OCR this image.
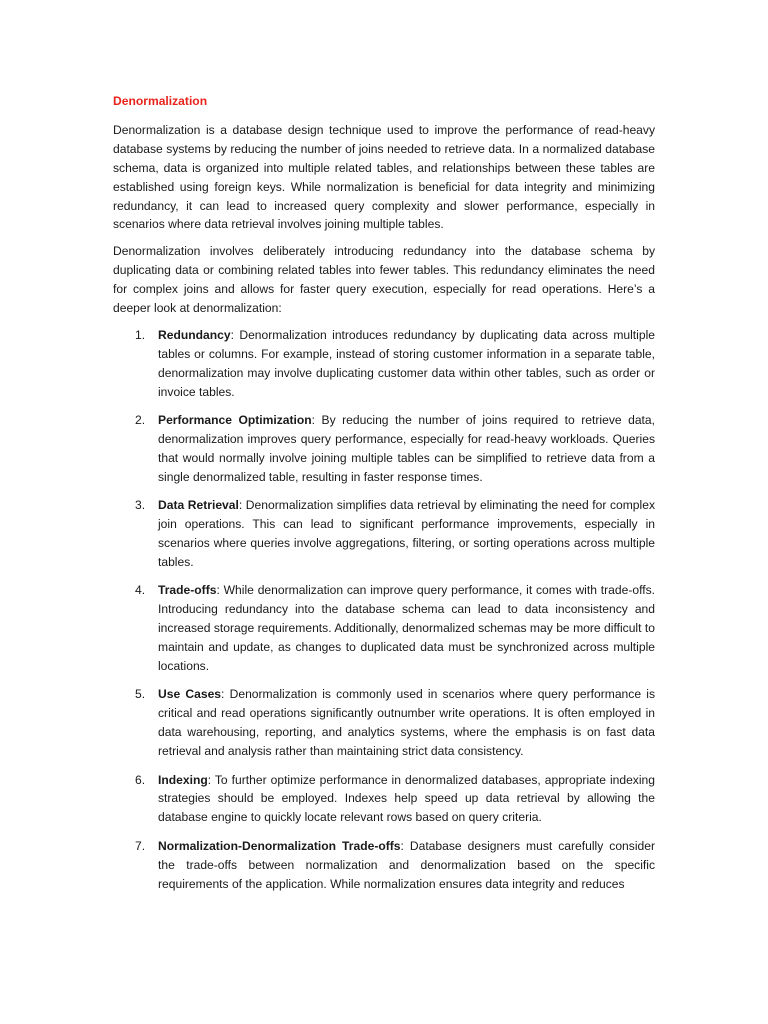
Denormalization

Denormalization is a database design technique used to improve the performance of read-heavy database systems by reducing the number of joins needed to retrieve data. In a normalized database schema, data is organized into multiple related tables, and relationships between these tables are established using foreign keys. While normalization is beneficial for data integrity and minimizing redundancy, it can lead to increased query complexity and slower performance, especially in scenarios where data retrieval involves joining multiple tables.

Denormalization involves deliberately introducing redundancy into the database schema by duplicating data or combining related tables into fewer tables. This redundancy eliminates the need for complex joins and allows for faster query execution, especially for read operations. Here’s a deeper look at denormalization:

1. Redundancy: Denormalization introduces redundancy by duplicating data across multiple tables or columns. For example, instead of storing customer information in a separate table, denormalization may involve duplicating customer data within other tables, such as order or invoice tables.
2. Performance Optimization: By reducing the number of joins required to retrieve data, denormalization improves query performance, especially for read-heavy workloads. Queries that would normally involve joining multiple tables can be simplified to retrieve data from a single denormalized table, resulting in faster response times.
3. Data Retrieval: Denormalization simplifies data retrieval by eliminating the need for complex join operations. This can lead to significant performance improvements, especially in scenarios where queries involve aggregations, filtering, or sorting operations across multiple tables.
4. Trade-offs: While denormalization can improve query performance, it comes with trade-offs. Introducing redundancy into the database schema can lead to data inconsistency and increased storage requirements. Additionally, denormalized schemas may be more difficult to maintain and update, as changes to duplicated data must be synchronized across multiple locations.
5. Use Cases: Denormalization is commonly used in scenarios where query performance is critical and read operations significantly outnumber write operations. It is often employed in data warehousing, reporting, and analytics systems, where the emphasis is on fast data retrieval and analysis rather than maintaining strict data consistency.
6. Indexing: To further optimize performance in denormalized databases, appropriate indexing strategies should be employed. Indexes help speed up data retrieval by allowing the database engine to quickly locate relevant rows based on query criteria.
7. Normalization-Denormalization Trade-offs: Database designers must carefully consider the trade-offs between normalization and denormalization based on the specific requirements of the application. While normalization ensures data integrity and reduces
